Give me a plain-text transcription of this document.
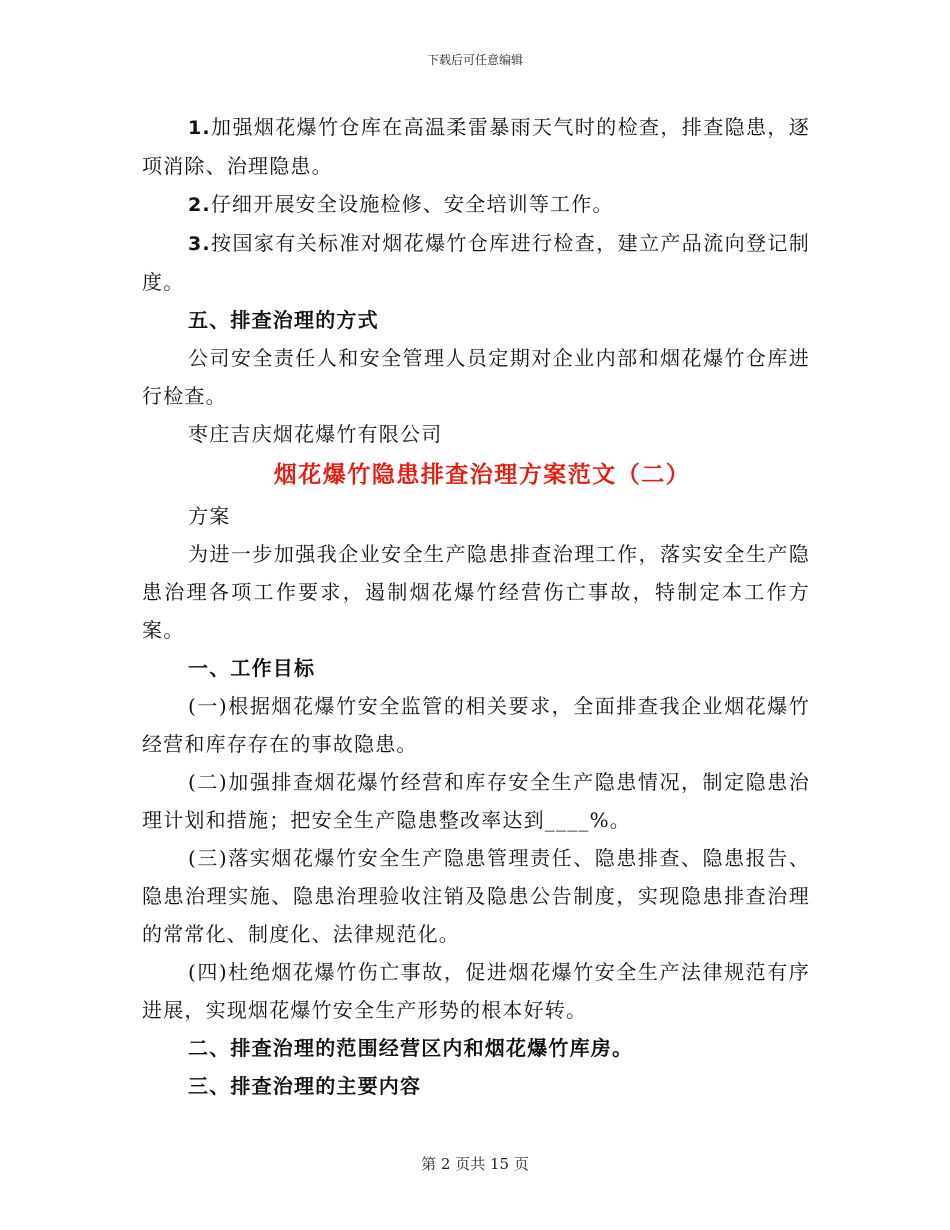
下载后可任意编辑

1.加强烟花爆竹仓库在高温柔雷暴雨天气时的检查，排查隐患，逐项消除、治理隐患。

2.仔细开展安全设施检修、安全培训等工作。

3.按国家有关标准对烟花爆竹仓库进行检查，建立产品流向登记制度。

五、排查治理的方式

公司安全责任人和安全管理人员定期对企业内部和烟花爆竹仓库进行检查。

枣庄吉庆烟花爆竹有限公司

烟花爆竹隐患排查治理方案范文（二）

方案

为进一步加强我企业安全生产隐患排查治理工作，落实安全生产隐患治理各项工作要求，遏制烟花爆竹经营伤亡事故，特制定本工作方案。

一、工作目标

(一)根据烟花爆竹安全监管的相关要求，全面排查我企业烟花爆竹经营和库存存在的事故隐患。

(二)加强排查烟花爆竹经营和库存安全生产隐患情况，制定隐患治理计划和措施；把安全生产隐患整改率达到____%。

(三)落实烟花爆竹安全生产隐患管理责任、隐患排查、隐患报告、隐患治理实施、隐患治理验收注销及隐患公告制度，实现隐患排查治理的常常化、制度化、法律规范化。

(四)杜绝烟花爆竹伤亡事故，促进烟花爆竹安全生产法律规范有序进展，实现烟花爆竹安全生产形势的根本好转。

二、排查治理的范围经营区内和烟花爆竹库房。

三、排查治理的主要内容

第 2 页共 15 页
